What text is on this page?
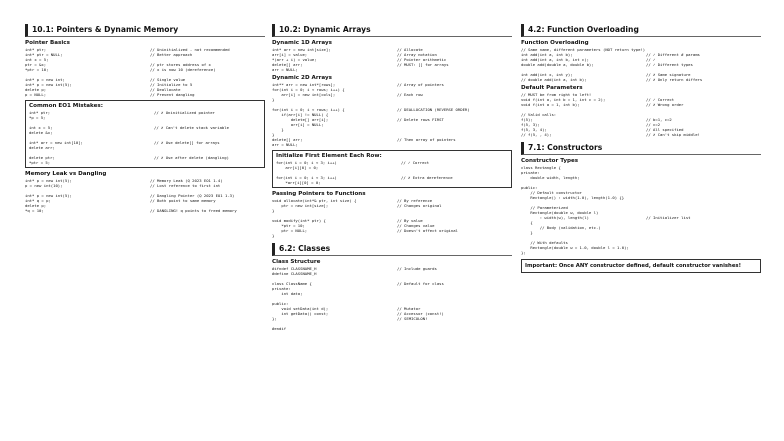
10.1: Pointers & Dynamic Memory
Pointer Basics
int* ptr;	// Uninitialized - not recommended
int* ptr = NULL;	// Better approach
int x = 5;
ptr = &x;	// ptr stores address of x
*ptr = 10;	// x is now 10 (dereference)
int* p = new int;	// Single value
int* p = new int(5);	// Initialize to 5
delete p;	// Deallocate
p = NULL;	// Prevent dangling
Common EO1 Mistakes:
int* ptr;	// ✗ Uninitialized pointer
*p = 5;
int x = 5;	// ✗ Can't delete stack variable
delete &x;
int* arr = new int[10];	// ✗ Use delete[] for arrays
delete arr;
delete ptr;	// ✗ Use after delete (dangling)
*ptr = 5;
Memory Leak vs Dangling
int* p = new int(5);	// Memory Leak (Q 2023 EO1 1.4)
p = new int(10);	// Lost reference to first int
int* p = new int(5);	// Dangling Pointer (Q 2023 EO1 1.3)
int* q = p;	// Both point to same memory
delete p;
*q = 10;	// DANGLING! q points to freed memory
10.2: Dynamic Arrays
Dynamic 1D Arrays
int* arr = new int[size];	// Allocate
arr[i] = value;	// Array notation
*(arr + i) = value;	// Pointer arithmetic
delete[] arr;	// MUST: [] for arrays
arr = NULL;
Dynamic 2D Arrays
int** arr = new int*[rows];	// Array of pointers
for(int i = 0; i < rows; i++) {
arr[i] = new int[cols];	// Each row
}
for(int i = 0; i < rows; i++) {	// DEALLOCATION (REVERSE ORDER)
if(arr[i] != NULL) {
delete[] arr[i];	// Delete rows FIRST
arr[i] = NULL;
}
}
delete[] arr;	// Then array of pointers
arr = NULL;
Initialize First Element Each Row:
for(int i = 0; i < 3; i++)	// ✓ Correct
arr[i][0] = 0;
for(int i = 0; i < 3; i++)	// ✗ Extra dereference
*arr[i][0] = 0;
Passing Pointers to Functions
void allocate(int*& ptr, int size) {	// By reference
ptr = new int[size];	// Changes original
}
void modify(int* ptr) {	// By value
*ptr = 10;	// Changes value
ptr = NULL;	// Doesn't affect original
}
6.2: Classes
Class Structure
#ifndef CLASSNAME_H	// Include guards
#define CLASSNAME_H
class ClassName {	// Default for class
private:
int data;
public:
void setData(int d);	// Mutator
int getData() const;	// Accessor (const!)
};	// SEMICOLON!
#endif
4.2: Function Overloading
Function Overloading
// Same name, different parameters (NOT return type!)
int add(int a, int b);	// ✓ Different # params
int add(int a, int b, int c);	// ✓
double add(double a, double b);	// ✓ Different types
int add(int x, int y);	// ✗ Same signature
// double add(int a, int b);	// ✗ Only return differs
Default Parameters
// MUST be from right to left!
void f(int a, int b = 1, int c = 2);	// ✓ Correct
void f(int a = 1, int b);	// ✗ Wrong order
// Valid calls:
f(5);	// b=1, c=2
f(5, 3);	// c=2
f(5, 3, 4);	// All specified
// f(5, , 4);	// ✗ Can't skip middle!
7.1: Constructors
Constructor Types
class Rectangle {
private:
double width, length;
public:
// Default constructor
Rectangle() : width(1.0), length(1.0) {}
// Parameterized
Rectangle(double w, double l)
: width(w), length(l)	// Initializer list
{
// Body (validation, etc.)
}
// With defaults
Rectangle(double w = 1.0, double l = 1.0);
};
Important: Once ANY constructor defined, default constructor vanishes!
